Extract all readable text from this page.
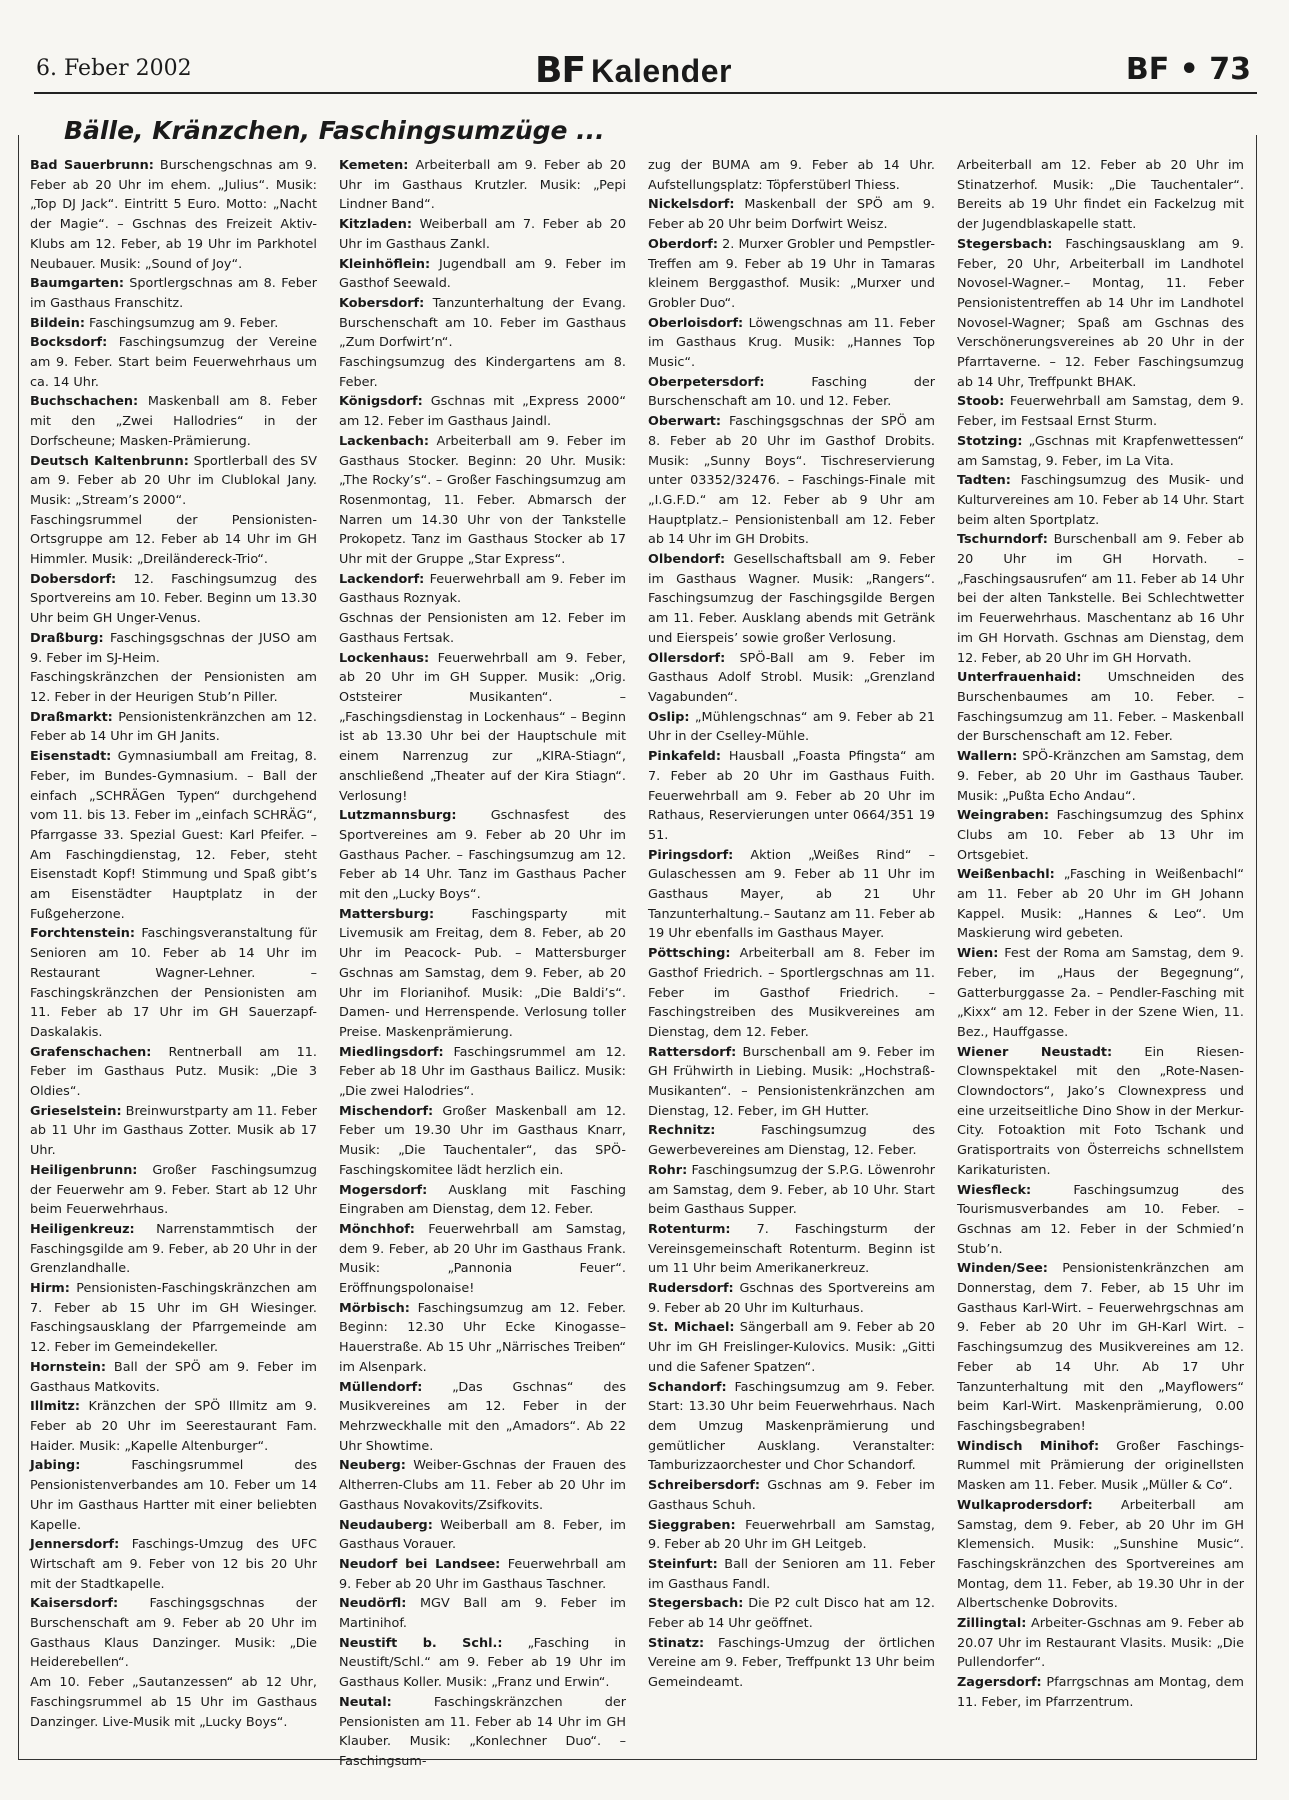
6. Feber 2002	BF Kalender	BF • 73
Bälle, Kränzchen, Faschingsumzüge ...

Bad Sauerbrunn: Burschengschnas am 9. Feber ab 20 Uhr im ehem. „Julius“. Musik: „Top DJ Jack“. Eintritt 5 Euro. Motto: „Nacht der Magie“. – Gschnas des Freizeit Aktiv-Klubs am 12. Feber, ab 19 Uhr im Parkhotel Neubauer. Musik: „Sound of Joy“.

Baumgarten: Sportlergschnas am 8. Feber im Gasthaus Franschitz.

Bildein: Faschingsumzug am 9. Feber.

Bocksdorf: Faschingsumzug der Vereine am 9. Feber. Start beim Feuerwehrhaus um ca. 14 Uhr.

Buchschachen: Maskenball am 8. Feber mit den „Zwei Hallodries“ in der Dorfscheune; Masken-Prämierung.

Deutsch Kaltenbrunn: Sportlerball des SV am 9. Feber ab 20 Uhr im Clublokal Jany. Musik: „Stream’s 2000“.

Faschingsrummel der Pensionisten-Ortsgruppe am 12. Feber ab 14 Uhr im GH Himmler. Musik: „Dreiländereck-Trio“.

Dobersdorf: 12. Faschingsumzug des Sportvereins am 10. Feber. Beginn um 13.30 Uhr beim GH Unger-Venus.

Draßburg: Faschingsgschnas der JUSO am 9. Feber im SJ-Heim.

Faschingskränzchen der Pensionisten am 12. Feber in der Heurigen Stub’n Piller.

Draßmarkt: Pensionistenkränzchen am 12. Feber ab 14 Uhr im GH Janits.

Eisenstadt: Gymnasiumball am Freitag, 8. Feber, im Bundes-Gymnasium. – Ball der einfach „SCHRÄGen Typen“ durchgehend vom 11. bis 13. Feber im „einfach SCHRÄG“, Pfarrgasse 33. Spezial Guest: Karl Pfeifer. – Am Faschingdienstag, 12. Feber, steht Eisenstadt Kopf! Stimmung und Spaß gibt’s am Eisenstädter Hauptplatz in der Fußgeherzone.

Forchtenstein: Faschingsveranstaltung für Senioren am 10. Feber ab 14 Uhr im Restaurant Wagner-Lehner. – Faschingskränzchen der Pensionisten am 11. Feber ab 17 Uhr im GH Sauerzapf-Daskalakis.

Grafenschachen: Rentnerball am 11. Feber im Gasthaus Putz. Musik: „Die 3 Oldies“.

Grieselstein: Breinwurstparty am 11. Feber ab 11 Uhr im Gasthaus Zotter. Musik ab 17 Uhr.

Heiligenbrunn: Großer Faschingsumzug der Feuerwehr am 9. Feber. Start ab 12 Uhr beim Feuerwehrhaus.

Heiligenkreuz: Narrenstammtisch der Faschingsgilde am 9. Feber, ab 20 Uhr in der Grenzlandhalle.

Hirm: Pensionisten-Faschingskränzchen am 7. Feber ab 15 Uhr im GH Wiesinger. Faschingsausklang der Pfarrgemeinde am 12. Feber im Gemeindekeller.

Hornstein: Ball der SPÖ am 9. Feber im Gasthaus Matkovits.

Illmitz: Kränzchen der SPÖ Illmitz am 9. Feber ab 20 Uhr im Seerestaurant Fam. Haider. Musik: „Kapelle Altenburger“.

Jabing: Faschingsrummel des Pensionistenverbandes am 10. Feber um 14 Uhr im Gasthaus Hartter mit einer beliebten Kapelle.

Jennersdorf: Faschings-Umzug des UFC Wirtschaft am 9. Feber von 12 bis 20 Uhr mit der Stadtkapelle.

Kaisersdorf: Faschingsgschnas der Burschenschaft am 9. Feber ab 20 Uhr im Gasthaus Klaus Danzinger. Musik: „Die Heiderebellen“.

Am 10. Feber „Sautanzessen“ ab 12 Uhr, Faschingsrummel ab 15 Uhr im Gasthaus Danzinger. Live-Musik mit „Lucky Boys“.

Kemeten: Arbeiterball am 9. Feber ab 20 Uhr im Gasthaus Krutzler. Musik: „Pepi Lindner Band“.

Kitzladen: Weiberball am 7. Feber ab 20 Uhr im Gasthaus Zankl.

Kleinhöflein: Jugendball am 9. Feber im Gasthof Seewald.

Kobersdorf: Tanzunterhaltung der Evang. Burschenschaft am 10. Feber im Gasthaus „Zum Dorfwirt’n“.

Faschingsumzug des Kindergartens am 8. Feber.

Königsdorf: Gschnas mit „Express 2000“ am 12. Feber im Gasthaus Jaindl.

Lackenbach: Arbeiterball am 9. Feber im Gasthaus Stocker. Beginn: 20 Uhr. Musik: „The Rocky’s“. – Großer Faschingsumzug am Rosenmontag, 11. Feber. Abmarsch der Narren um 14.30 Uhr von der Tankstelle Prokopetz. Tanz im Gasthaus Stocker ab 17 Uhr mit der Gruppe „Star Express“.

Lackendorf: Feuerwehrball am 9. Feber im Gasthaus Roznyak.

Gschnas der Pensionisten am 12. Feber im Gasthaus Fertsak.

Lockenhaus: Feuerwehrball am 9. Feber, ab 20 Uhr im GH Supper. Musik: „Orig. Oststeirer Musikanten“. – „Faschingsdienstag in Lockenhaus“ – Beginn ist ab 13.30 Uhr bei der Hauptschule mit einem Narrenzug zur „KIRA-Stiagn“, anschließend „Theater auf der Kira Stiagn“. Verlosung!

Lutzmannsburg: Gschnasfest des Sportvereines am 9. Feber ab 20 Uhr im Gasthaus Pacher. – Faschingsumzug am 12. Feber ab 14 Uhr. Tanz im Gasthaus Pacher mit den „Lucky Boys“.

Mattersburg: Faschingsparty mit Livemusik am Freitag, dem 8. Feber, ab 20 Uhr im Peacock- Pub. – Mattersburger Gschnas am Samstag, dem 9. Feber, ab 20 Uhr im Florianihof. Musik: „Die Baldi’s“. Damen- und Herrenspende. Verlosung toller Preise. Maskenprämierung.

Miedlingsdorf: Faschingsrummel am 12. Feber ab 18 Uhr im Gasthaus Bailicz. Musik: „Die zwei Halodries“.

Mischendorf: Großer Maskenball am 12. Feber um 19.30 Uhr im Gasthaus Knarr, Musik: „Die Tauchentaler“, das SPÖ-Faschingskomitee lädt herzlich ein.

Mogersdorf: Ausklang mit Fasching Eingraben am Dienstag, dem 12. Feber.

Mönchhof: Feuerwehrball am Samstag, dem 9. Feber, ab 20 Uhr im Gasthaus Frank. Musik: „Pannonia Feuer“. Eröffnungspolonaise!

Mörbisch: Faschingsumzug am 12. Feber. Beginn: 12.30 Uhr Ecke Kinogasse– Hauerstraße. Ab 15 Uhr „Närrisches Treiben“ im Alsenpark.

Müllendorf: „Das Gschnas“ des Musikvereines am 12. Feber in der Mehrzweckhalle mit den „Amadors“. Ab 22 Uhr Showtime.

Neuberg: Weiber-Gschnas der Frauen des Altherren-Clubs am 11. Feber ab 20 Uhr im Gasthaus Novakovits/Zsifkovits.

Neudauberg: Weiberball am 8. Feber, im Gasthaus Vorauer.

Neudorf bei Landsee: Feuerwehrball am 9. Feber ab 20 Uhr im Gasthaus Taschner.

Neudörfl: MGV Ball am 9. Feber im Martinihof.

Neustift b. Schl.: „Fasching in Neustift/Schl.“ am 9. Feber ab 19 Uhr im Gasthaus Koller. Musik: „Franz und Erwin“.

Neutal: Faschingskränzchen der Pensionisten am 11. Feber ab 14 Uhr im GH Klauber. Musik: „Konlechner Duo“. – Faschingsum-

zug der BUMA am 9. Feber ab 14 Uhr. Aufstellungsplatz: Töpferstüberl Thiess.

Nickelsdorf: Maskenball der SPÖ am 9. Feber ab 20 Uhr beim Dorfwirt Weisz.

Oberdorf: 2. Murxer Grobler und Pempstler-Treffen am 9. Feber ab 19 Uhr in Tamaras kleinem Berggasthof. Musik: „Murxer und Grobler Duo“.

Oberloisdorf: Löwengschnas am 11. Feber im Gasthaus Krug. Musik: „Hannes Top Music“.

Oberpetersdorf: Fasching der Burschenschaft am 10. und 12. Feber.

Oberwart: Faschingsgschnas der SPÖ am 8. Feber ab 20 Uhr im Gasthof Drobits. Musik: „Sunny Boys“. Tischreservierung unter 03352/32476. – Faschings-Finale mit „I.G.F.D.“ am 12. Feber ab 9 Uhr am Hauptplatz.– Pensionistenball am 12. Feber ab 14 Uhr im GH Drobits.

Olbendorf: Gesellschaftsball am 9. Feber im Gasthaus Wagner. Musik: „Rangers“. Faschingsumzug der Faschingsgilde Bergen am 11. Feber. Ausklang abends mit Getränk und Eierspeis’ sowie großer Verlosung.

Ollersdorf: SPÖ-Ball am 9. Feber im Gasthaus Adolf Strobl. Musik: „Grenzland Vagabunden“.

Oslip: „Mühlengschnas“ am 9. Feber ab 21 Uhr in der Cselley-Mühle.

Pinkafeld: Hausball „Foasta Pfingsta“ am 7. Feber ab 20 Uhr im Gasthaus Fuith. Feuerwehrball am 9. Feber ab 20 Uhr im Rathaus, Reservierungen unter 0664/351 19 51.

Piringsdorf: Aktion „Weißes Rind“ – Gulaschessen am 9. Feber ab 11 Uhr im Gasthaus Mayer, ab 21 Uhr Tanzunterhaltung.– Sautanz am 11. Feber ab 19 Uhr ebenfalls im Gasthaus Mayer.

Pöttsching: Arbeiterball am 8. Feber im Gasthof Friedrich. – Sportlergschnas am 11. Feber im Gasthof Friedrich. – Faschingstreiben des Musikvereines am Dienstag, dem 12. Feber.

Rattersdorf: Burschenball am 9. Feber im GH Frühwirth in Liebing. Musik: „Hochstraß-Musikanten“. – Pensionistenkränzchen am Dienstag, 12. Feber, im GH Hutter.

Rechnitz: Faschingsumzug des Gewerbevereines am Dienstag, 12. Feber.

Rohr: Faschingsumzug der S.P.G. Löwenrohr am Samstag, dem 9. Feber, ab 10 Uhr. Start beim Gasthaus Supper.

Rotenturm: 7. Faschingsturm der Vereinsgemeinschaft Rotenturm. Beginn ist um 11 Uhr beim Amerikanerkreuz.

Rudersdorf: Gschnas des Sportvereins am 9. Feber ab 20 Uhr im Kulturhaus.

St. Michael: Sängerball am 9. Feber ab 20 Uhr im GH Freislinger-Kulovics. Musik: „Gitti und die Safener Spatzen“.

Schandorf: Faschingsumzug am 9. Feber. Start: 13.30 Uhr beim Feuerwehrhaus. Nach dem Umzug Maskenprämierung und gemütlicher Ausklang. Veranstalter: Tamburizzaorchester und Chor Schandorf.

Schreibersdorf: Gschnas am 9. Feber im Gasthaus Schuh.

Sieggraben: Feuerwehrball am Samstag, 9. Feber ab 20 Uhr im GH Leitgeb.

Steinfurt: Ball der Senioren am 11. Feber im Gasthaus Fandl.

Stegersbach: Die P2 cult Disco hat am 12. Feber ab 14 Uhr geöffnet.

Stinatz: Faschings-Umzug der örtlichen Vereine am 9. Feber, Treffpunkt 13 Uhr beim Gemeindeamt.

Arbeiterball am 12. Feber ab 20 Uhr im Stinatzerhof. Musik: „Die Tauchentaler“. Bereits ab 19 Uhr findet ein Fackelzug mit der Jugendblaskapelle statt.

Stegersbach: Faschingsausklang am 9. Feber, 20 Uhr, Arbeiterball im Landhotel Novosel-Wagner.– Montag, 11. Feber Pensionistentreffen ab 14 Uhr im Landhotel Novosel-Wagner; Spaß am Gschnas des Verschönerungsvereines ab 20 Uhr in der Pfarrtaverne. – 12. Feber Faschingsumzug ab 14 Uhr, Treffpunkt BHAK.

Stoob: Feuerwehrball am Samstag, dem 9. Feber, im Festsaal Ernst Sturm.

Stotzing: „Gschnas mit Krapfenwettessen“ am Samstag, 9. Feber, im La Vita.

Tadten: Faschingsumzug des Musik- und Kulturvereines am 10. Feber ab 14 Uhr. Start beim alten Sportplatz.

Tschurndorf: Burschenball am 9. Feber ab 20 Uhr im GH Horvath. – „Faschingsausrufen“ am 11. Feber ab 14 Uhr bei der alten Tankstelle. Bei Schlechtwetter im Feuerwehrhaus. Maschentanz ab 16 Uhr im GH Horvath. Gschnas am Dienstag, dem 12. Feber, ab 20 Uhr im GH Horvath.

Unterfrauenhaid: Umschneiden des Burschenbaumes am 10. Feber. – Faschingsumzug am 11. Feber. – Maskenball der Burschenschaft am 12. Feber.

Wallern: SPÖ-Kränzchen am Samstag, dem 9. Feber, ab 20 Uhr im Gasthaus Tauber. Musik: „Pußta Echo Andau“.

Weingraben: Faschingsumzug des Sphinx Clubs am 10. Feber ab 13 Uhr im Ortsgebiet.

Weißenbachl: „Fasching in Weißenbachl“ am 11. Feber ab 20 Uhr im GH Johann Kappel. Musik: „Hannes & Leo“. Um Maskierung wird gebeten.

Wien: Fest der Roma am Samstag, dem 9. Feber, im „Haus der Begegnung“, Gatterburggasse 2a. – Pendler-Fasching mit „Kixx“ am 12. Feber in der Szene Wien, 11. Bez., Hauffgasse.

Wiener Neustadt: Ein Riesen-Clownspektakel mit den „Rote-Nasen-Clowndoctors“, Jako’s Clownexpress und eine urzeitseitliche Dino Show in der Merkur-City. Fotoaktion mit Foto Tschank und Gratisportraits von Österreichs schnellstem Karikaturisten.

Wiesfleck: Faschingsumzug des Tourismusverbandes am 10. Feber. – Gschnas am 12. Feber in der Schmied’n Stub’n.

Winden/See: Pensionistenkränzchen am Donnerstag, dem 7. Feber, ab 15 Uhr im Gasthaus Karl-Wirt. – Feuerwehrgschnas am 9. Feber ab 20 Uhr im GH-Karl Wirt. – Faschingsumzug des Musikvereines am 12. Feber ab 14 Uhr. Ab 17 Uhr Tanzunterhaltung mit den „Mayflowers“ beim Karl-Wirt. Maskenprämierung, 0.00 Faschingsbegraben!

Windisch Minihof: Großer Faschings-Rummel mit Prämierung der originellsten Masken am 11. Feber. Musik „Müller & Co“.

Wulkaprodersdorf: Arbeiterball am Samstag, dem 9. Feber, ab 20 Uhr im GH Klemensich. Musik: „Sunshine Music“. Faschingskränzchen des Sportvereines am Montag, dem 11. Feber, ab 19.30 Uhr in der Albertschenke Dobrovits.

Zillingtal: Arbeiter-Gschnas am 9. Feber ab 20.07 Uhr im Restaurant Vlasits. Musik: „Die Pullendorfer“.

Zagersdorf: Pfarrgschnas am Montag, dem 11. Feber, im Pfarrzentrum.
